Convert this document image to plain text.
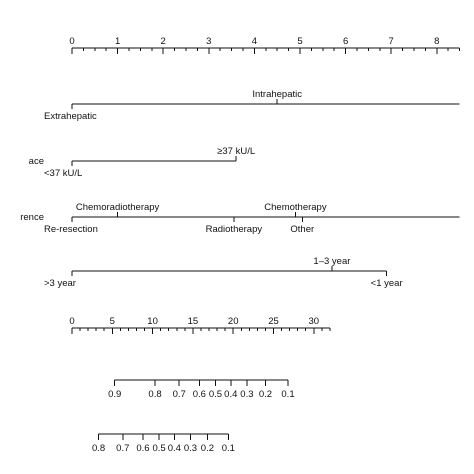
0	1	2	3	4	5	6	7	8
Extrahepatic
Intrahepatic
ace
<37 kU/L
≥37 kU/L
rence
Re-resection
Chemoradiotherapy
Radiotherapy
Chemotherapy
Other
>3 year
1–3 year
<1 year
0	5	10	15	20	25	30
0.9	0.8 0.7 0.6 0.5 0.4 0.3 0.2 0.1
0.8 0.7 0.6 0.5 0.4 0.3 0.2 0.1
